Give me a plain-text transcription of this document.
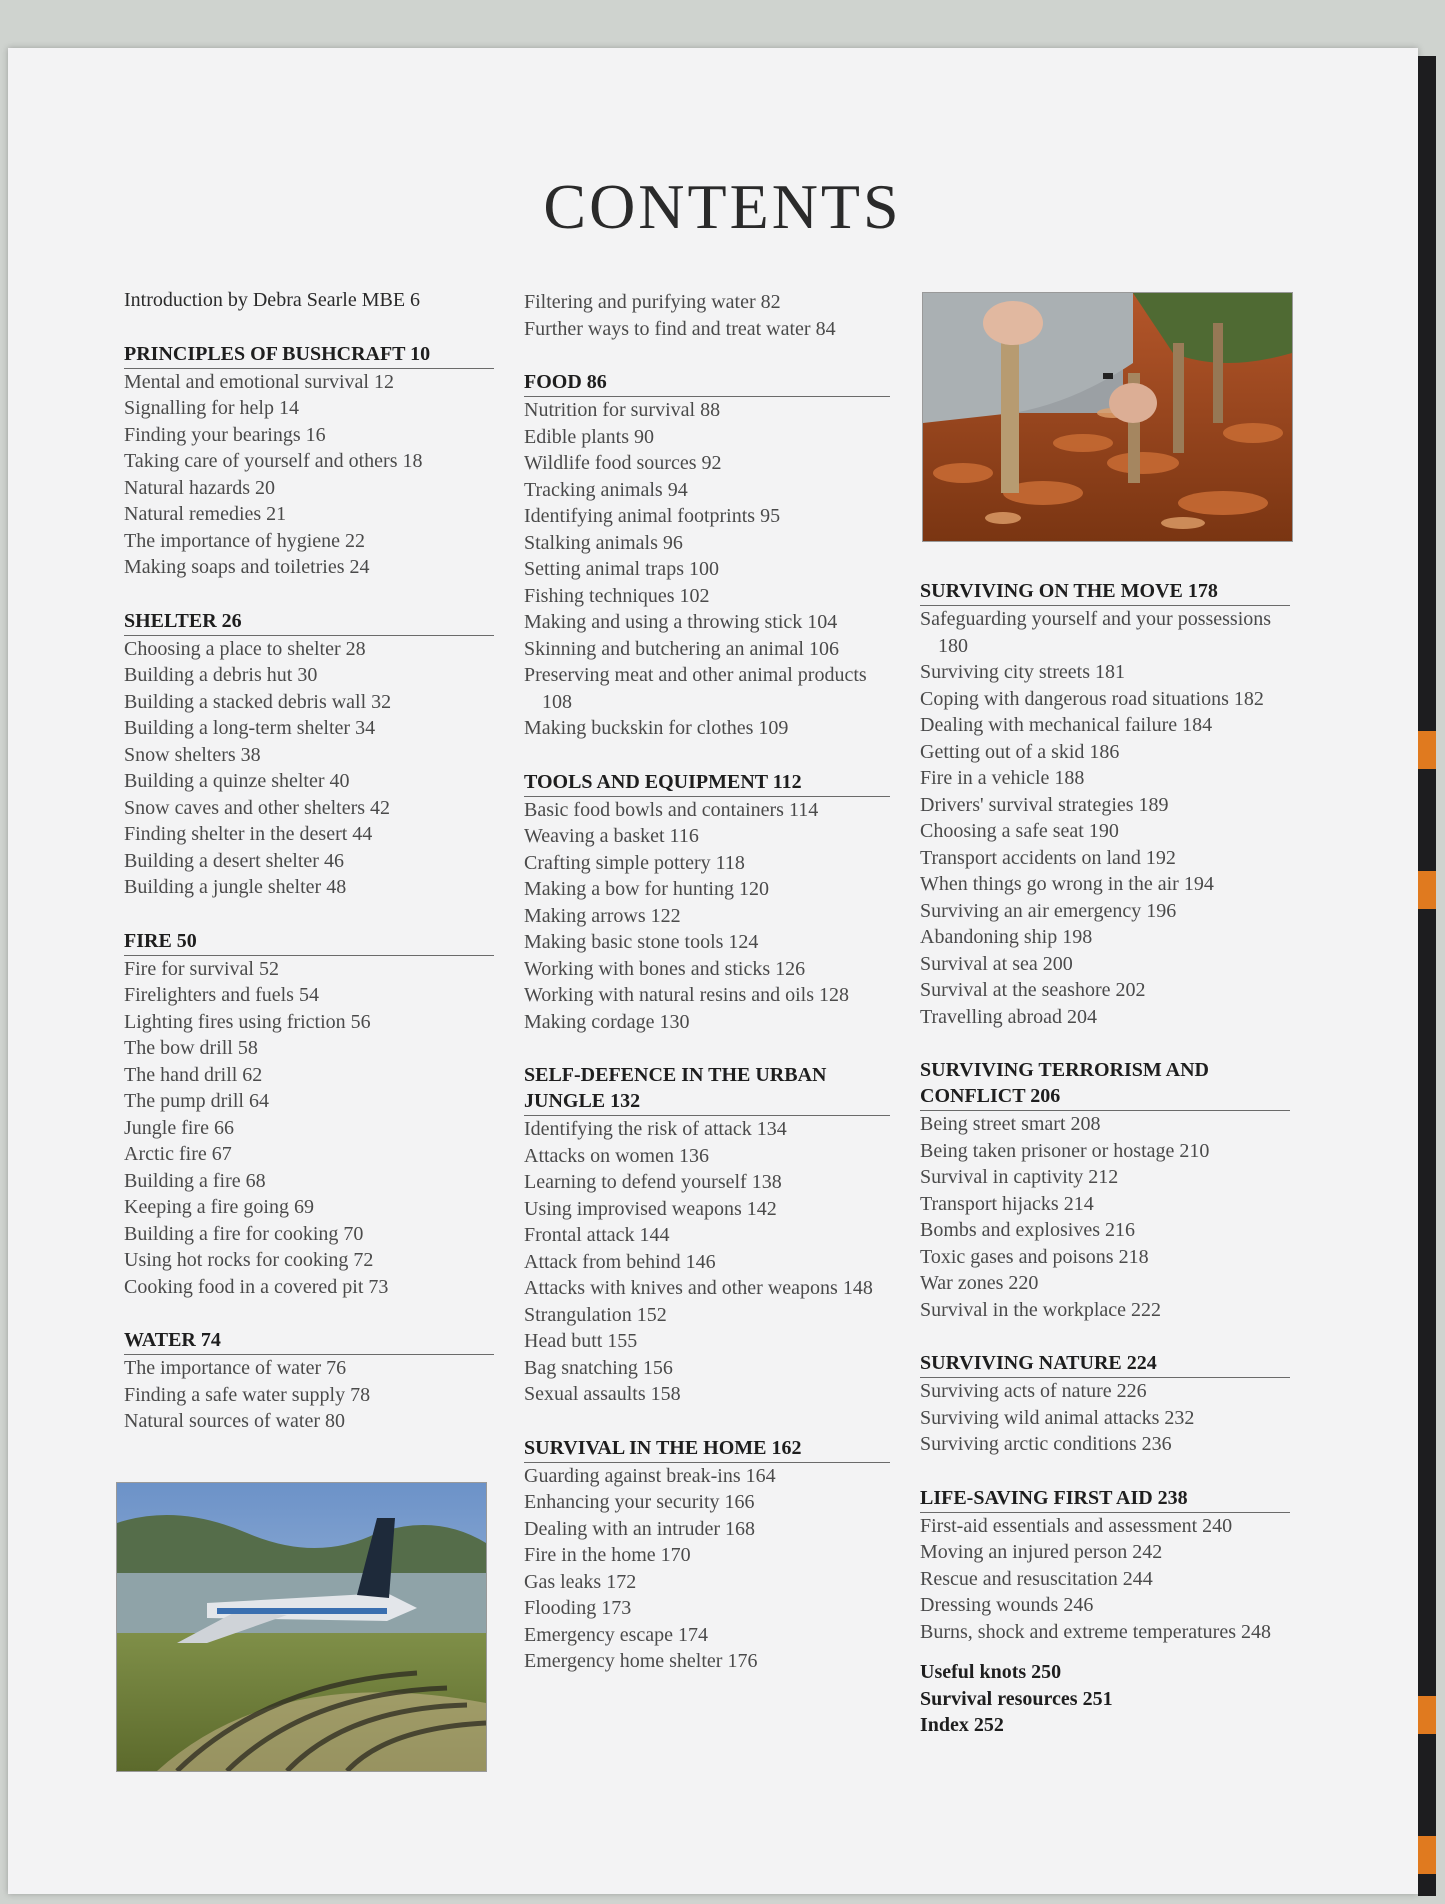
CONTENTS
Introduction by Debra Searle MBE 6
PRINCIPLES OF BUSHCRAFT 10
Mental and emotional survival 12
Signalling for help 14
Finding your bearings 16
Taking care of yourself and others 18
Natural hazards 20
Natural remedies 21
The importance of hygiene 22
Making soaps and toiletries 24
SHELTER 26
Choosing a place to shelter 28
Building a debris hut 30
Building a stacked debris wall 32
Building a long-term shelter 34
Snow shelters 38
Building a quinze shelter 40
Snow caves and other shelters 42
Finding shelter in the desert 44
Building a desert shelter 46
Building a jungle shelter 48
FIRE 50
Fire for survival 52
Firelighters and fuels 54
Lighting fires using friction 56
The bow drill 58
The hand drill 62
The pump drill 64
Jungle fire 66
Arctic fire 67
Building a fire 68
Keeping a fire going 69
Building a fire for cooking 70
Using hot rocks for cooking 72
Cooking food in a covered pit 73
WATER 74
The importance of water 76
Finding a safe water supply 78
Natural sources of water 80
Filtering and purifying water 82
Further ways to find and treat water 84
FOOD 86
Nutrition for survival 88
Edible plants 90
Wildlife food sources 92
Tracking animals 94
Identifying animal footprints 95
Stalking animals 96
Setting animal traps 100
Fishing techniques 102
Making and using a throwing stick 104
Skinning and butchering an animal 106
Preserving meat and other animal products 108
Making buckskin for clothes 109
TOOLS AND EQUIPMENT 112
Basic food bowls and containers 114
Weaving a basket 116
Crafting simple pottery 118
Making a bow for hunting 120
Making arrows 122
Making basic stone tools 124
Working with bones and sticks 126
Working with natural resins and oils 128
Making cordage 130
SELF-DEFENCE IN THE URBAN JUNGLE 132
Identifying the risk of attack 134
Attacks on women 136
Learning to defend yourself 138
Using improvised weapons 142
Frontal attack 144
Attack from behind 146
Attacks with knives and other weapons 148
Strangulation 152
Head butt 155
Bag snatching 156
Sexual assaults 158
SURVIVAL IN THE HOME 162
Guarding against break-ins 164
Enhancing your security 166
Dealing with an intruder 168
Fire in the home 170
Gas leaks 172
Flooding 173
Emergency escape 174
Emergency home shelter 176
SURVIVING ON THE MOVE 178
Safeguarding yourself and your possessions 180
Surviving city streets 181
Coping with dangerous road situations 182
Dealing with mechanical failure 184
Getting out of a skid 186
Fire in a vehicle 188
Drivers' survival strategies 189
Choosing a safe seat 190
Transport accidents on land 192
When things go wrong in the air 194
Surviving an air emergency 196
Abandoning ship 198
Survival at sea 200
Survival at the seashore 202
Travelling abroad 204
SURVIVING TERRORISM AND CONFLICT 206
Being street smart 208
Being taken prisoner or hostage 210
Survival in captivity 212
Transport hijacks 214
Bombs and explosives 216
Toxic gases and poisons 218
War zones 220
Survival in the workplace 222
SURVIVING NATURE 224
Surviving acts of nature 226
Surviving wild animal attacks 232
Surviving arctic conditions 236
LIFE-SAVING FIRST AID 238
First-aid essentials and assessment 240
Moving an injured person 242
Rescue and resuscitation 244
Dressing wounds 246
Burns, shock and extreme temperatures 248
Useful knots 250
Survival resources 251
Index 252
